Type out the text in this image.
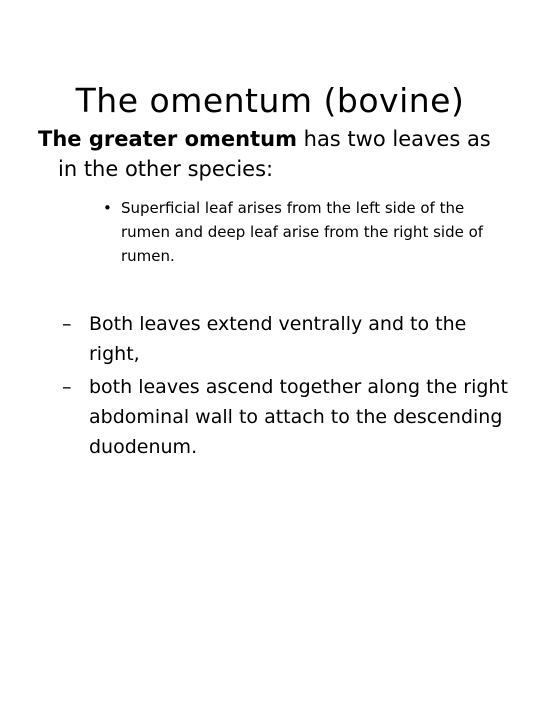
The omentum (bovine)
The greater omentum has two leaves as
in the other species:
• Superficial leaf arises from the left side of the rumen and deep leaf arise from the right side of rumen.
– Both leaves extend ventrally and to the right,
– both leaves ascend together along the right abdominal wall to attach to the descending duodenum.
